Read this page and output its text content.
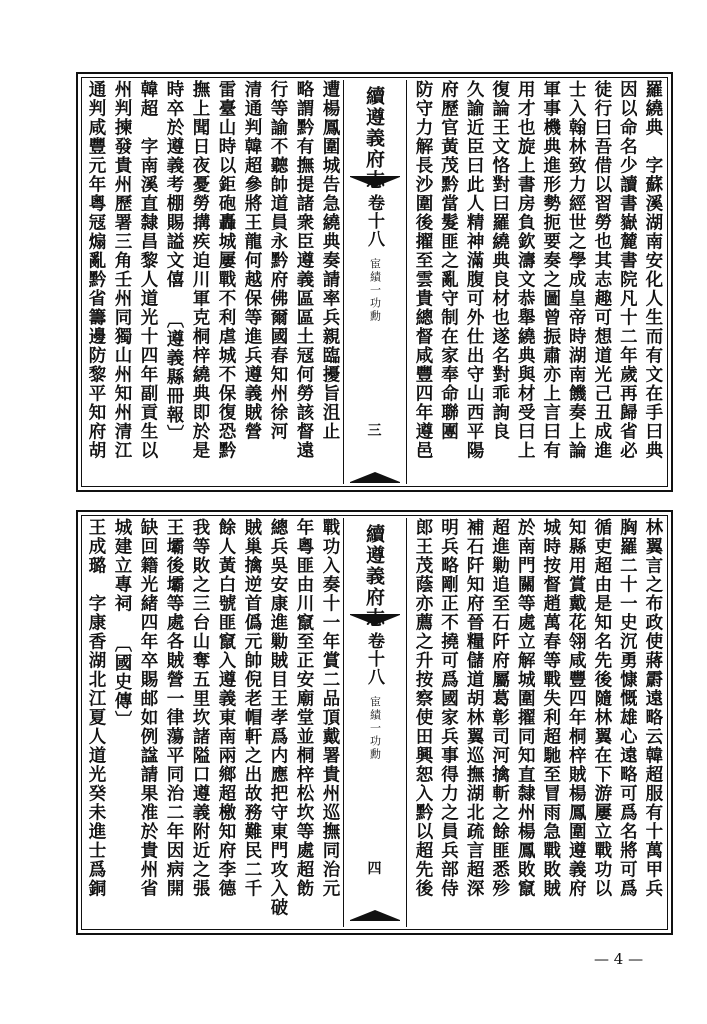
羅繞典　字蘇溪湖南安化人生而有文在手曰典
因以命名少讀書嶽麓書院凡十二年歲再歸省必
徒行曰吾借以習勞也其志趣可想道光己丑成進
士入翰林致力經世之學成皇帝時湖南饑奏上論
軍事機典進形勢扼要奏之圖曾振肅亦上言曰有
用才也旋上書房負欽濤文恭舉繞典與材受曰上
復論王文恪對曰羅繞典良材也遂名對乖詢良
久諭近臣曰此人精神滿腹可外仕出守山西平陽
府歷官黃茂黔當髮匪之亂守制在家奉命聯團
防守力解長沙圍後擢至雲貴總督咸豐四年遵邑
續遵義府志
卷十八
宦績一功勳
三
遭楊鳳圍城告急繞典奏請率兵親臨擾旨沮止
略謂黔有撫提諸衆臣遵義區區土冦何勞該督遠
行等諭不聽帥道員永黔府佛爾國春知州徐河
清通判韓超參將王龍何越保等進兵遵義賊營
雷臺山時以鉅砲轟城屢戰不利虐城不保復恐黔
撫上聞日夜憂勞搆疾迫川軍克桐梓繞典即於是
時卒於遵義考棚賜謚文僖 〔遵義縣冊報〕
韓超　字南溪直隸昌黎人道光十四年副貢生以
州判揀發貴州歷署三角壬州同獨山州知州清江
通判咸豐元年粵冦煽亂黔省籌邊防黎平知府胡
林翼言之布政使蔣霨遠略云韓超服有十萬甲兵
胸羅二十一史沉勇慷慨雄心遠略可爲名將可爲
循吏超由是知名先後隨林翼在下游屢立戰功以
知縣用賞戴花翎咸豐四年桐梓賊楊鳳圍遵義府
城時按督趙萬春等戰失利超馳至冒雨急戰敗賊
於南門關等處立解城圍擢同知直隸州楊鳳敗竄
超進勦追至石阡府屬葛彰司河擒斬之餘匪悉殄
補石阡知府晉糧儲道胡林翼巡撫湖北疏言超深
明兵略剛正不撓可爲國家兵事得力之員兵部侍
郎王茂蔭亦薦之升按察使田興恕入黔以超先後
續遵義府志
卷十八
宦績一功勳
四
戰功入奏十一年賞二品頂戴署貴州巡撫同治元
年粵匪由川竄至正安廟堂並桐梓松坎等處超飭
總兵吳安康進勦賊目王孝爲内應把守東門攻入破
賊巢擒逆首僞元帥倪老帽軒之出故務難民二千
餘人黃白號匪竄入遵義東南兩鄉超檄知府李德
我等敗之三台山奪五里坎諸隘口遵義附近之張
王壩後壩等處各賊營一律蕩平同治二年因病開
缺回籍光緒四年卒賜邮如例諡請果准於貴州省
城建立專祠 〔國史傳〕
王成璐　字康香湖北江夏人道光癸未進士爲銅
— 4 —
